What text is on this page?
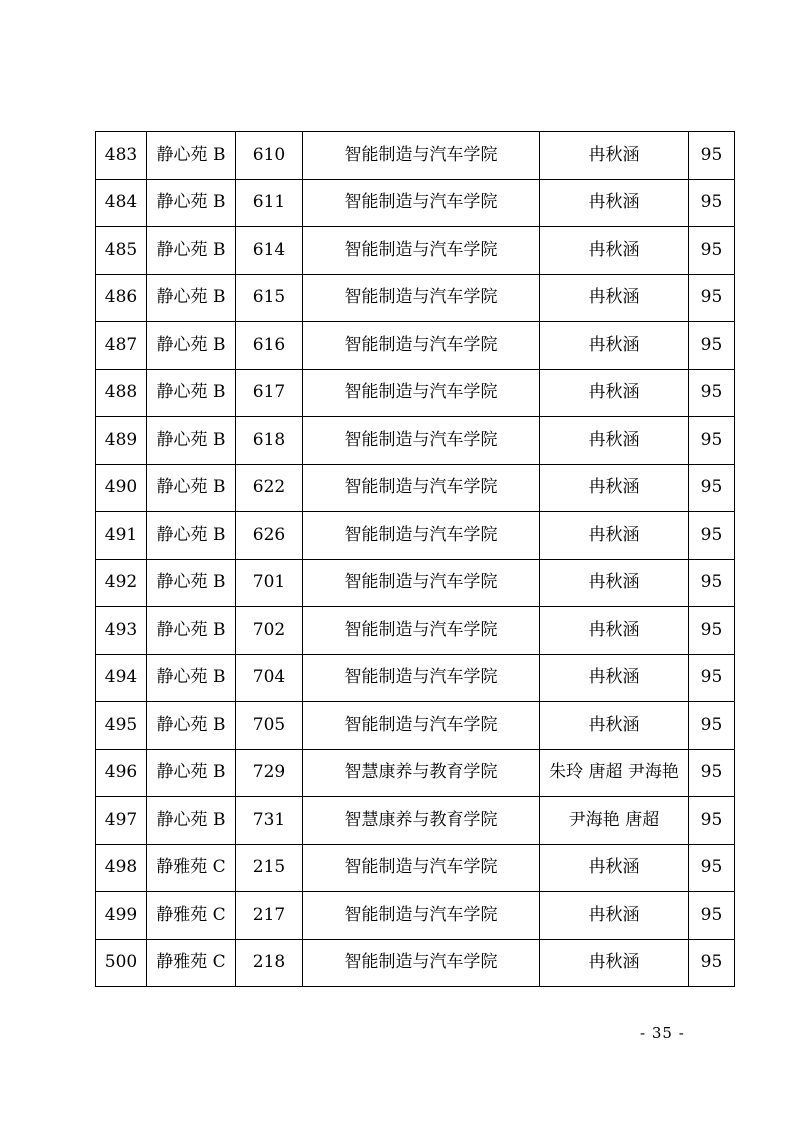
483	静心苑 B	610	智能制造与汽车学院	冉秋涵	95
484	静心苑 B	611	智能制造与汽车学院	冉秋涵	95
485	静心苑 B	614	智能制造与汽车学院	冉秋涵	95
486	静心苑 B	615	智能制造与汽车学院	冉秋涵	95
487	静心苑 B	616	智能制造与汽车学院	冉秋涵	95
488	静心苑 B	617	智能制造与汽车学院	冉秋涵	95
489	静心苑 B	618	智能制造与汽车学院	冉秋涵	95
490	静心苑 B	622	智能制造与汽车学院	冉秋涵	95
491	静心苑 B	626	智能制造与汽车学院	冉秋涵	95
492	静心苑 B	701	智能制造与汽车学院	冉秋涵	95
493	静心苑 B	702	智能制造与汽车学院	冉秋涵	95
494	静心苑 B	704	智能制造与汽车学院	冉秋涵	95
495	静心苑 B	705	智能制造与汽车学院	冉秋涵	95
496	静心苑 B	729	智慧康养与教育学院	朱玲 唐超 尹海艳	95
497	静心苑 B	731	智慧康养与教育学院	尹海艳 唐超	95
498	静雅苑 C	215	智能制造与汽车学院	冉秋涵	95
499	静雅苑 C	217	智能制造与汽车学院	冉秋涵	95
500	静雅苑 C	218	智能制造与汽车学院	冉秋涵	95
- 35 -
